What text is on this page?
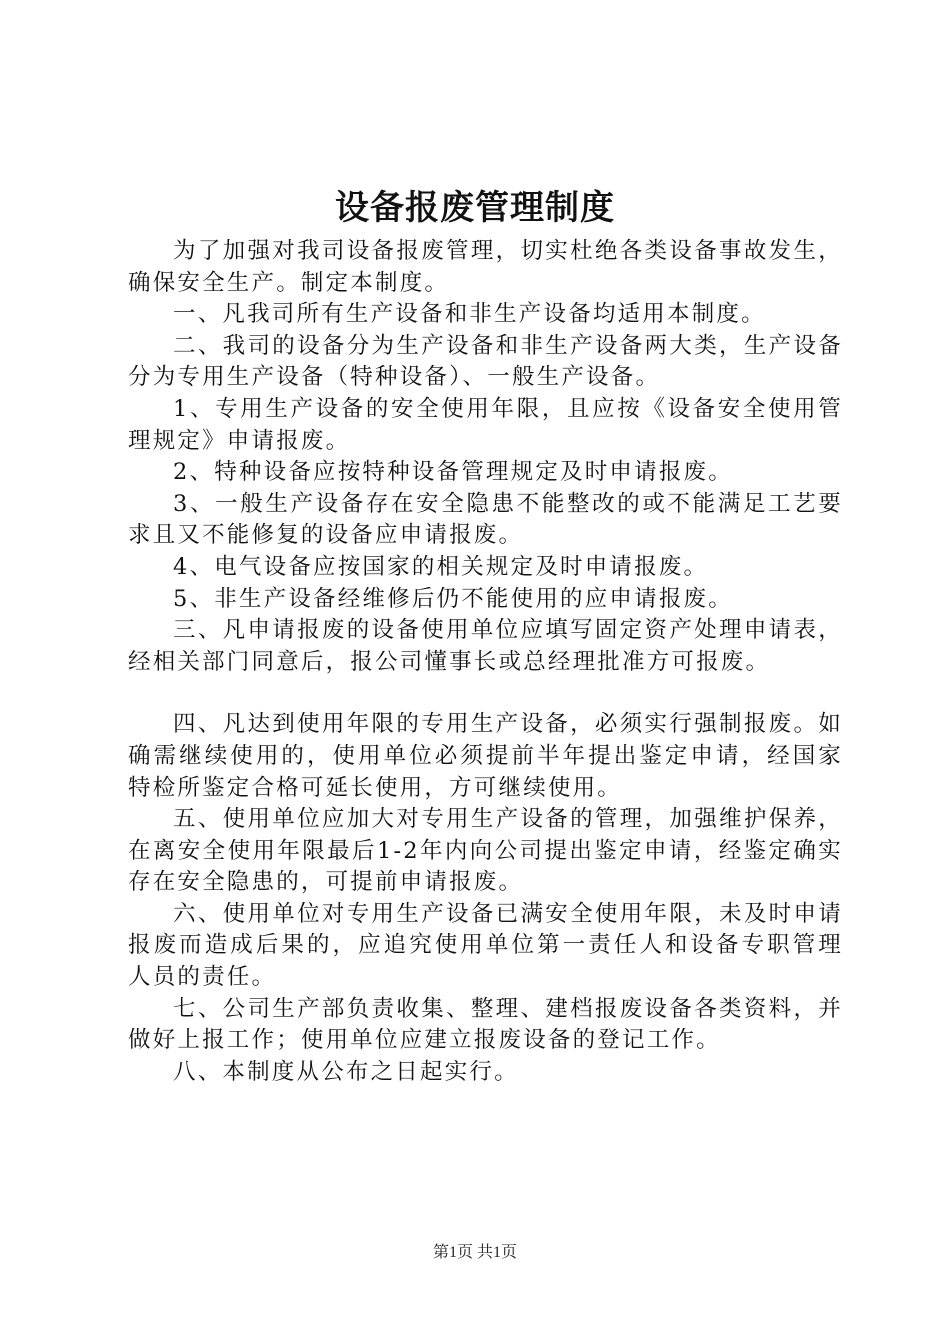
设备报废管理制度

为了加强对我司设备报废管理，切实杜绝各类设备事故发生，确保安全生产。制定本制度。

一、凡我司所有生产设备和非生产设备均适用本制度。

二、我司的设备分为生产设备和非生产设备两大类，生产设备分为专用生产设备（特种设备）、一般生产设备。

1、专用生产设备的安全使用年限，且应按《设备安全使用管理规定》申请报废。

2、特种设备应按特种设备管理规定及时申请报废。

3、一般生产设备存在安全隐患不能整改的或不能满足工艺要求且又不能修复的设备应申请报废。

4、电气设备应按国家的相关规定及时申请报废。

5、非生产设备经维修后仍不能使用的应申请报废。

三、凡申请报废的设备使用单位应填写固定资产处理申请表，经相关部门同意后，报公司懂事长或总经理批准方可报废。

四、凡达到使用年限的专用生产设备，必须实行强制报废。如确需继续使用的，使用单位必须提前半年提出鉴定申请，经国家特检所鉴定合格可延长使用，方可继续使用。

五、使用单位应加大对专用生产设备的管理，加强维护保养，在离安全使用年限最后1-2年内向公司提出鉴定申请，经鉴定确实存在安全隐患的，可提前申请报废。

六、使用单位对专用生产设备已满安全使用年限，未及时申请报废而造成后果的，应追究使用单位第一责任人和设备专职管理人员的责任。

七、公司生产部负责收集、整理、建档报废设备各类资料，并做好上报工作；使用单位应建立报废设备的登记工作。

八、本制度从公布之日起实行。

第1页 共1页
